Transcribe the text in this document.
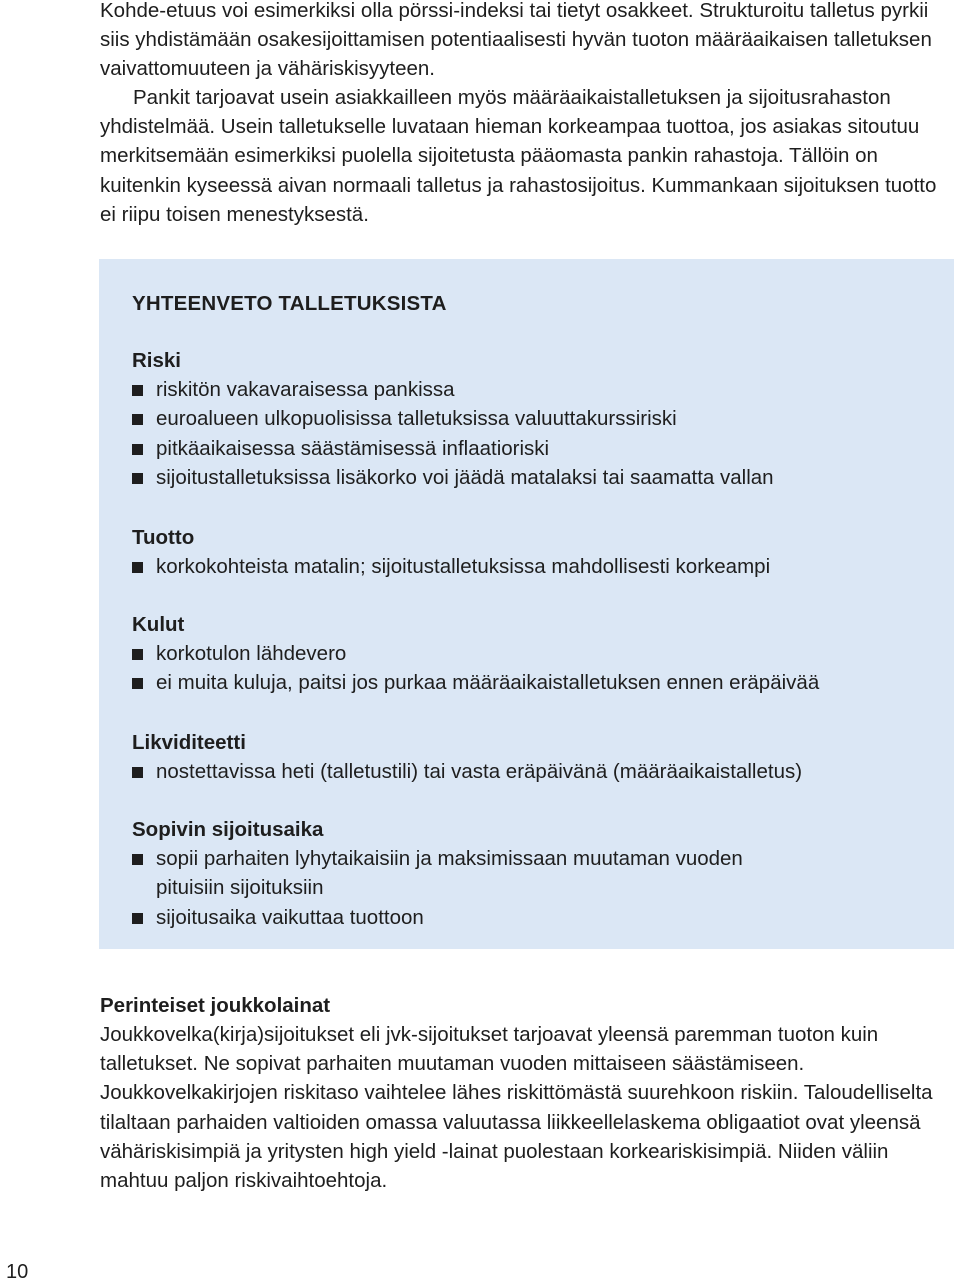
Kohde-etuus voi esimerkiksi olla pörssi-indeksi tai tietyt osakkeet. Strukturoitu talletus pyrkii siis yhdistämään osakesijoittamisen potentiaalisesti hyvän tuoton määräaikaisen talletuksen vaivattomuuteen ja vähäriskisyyteen.

Pankit tarjoavat usein asiakkailleen myös määräaikaistalletuksen ja sijoitusrahaston yhdistelmää. Usein talletukselle luvataan hieman korkeampaa tuottoa, jos asiakas sitoutuu merkitsemään esimerkiksi puolella sijoitetusta pääomasta pankin rahastoja. Tällöin on kuitenkin kyseessä aivan normaali talletus ja rahastosijoitus. Kummankaan sijoituksen tuotto ei riipu toisen menestyksestä.

YHTEENVETO TALLETUKSISTA
Riski

riskitön vakavaraisessa pankissa

euroalueen ulkopuolisissa talletuksissa valuuttakurssiriski

pitkäaikaisessa säästämisessä inflaatioriski

sijoitustalletuksissa lisäkorko voi jäädä matalaksi tai saamatta vallan

Tuotto

korkokohteista matalin; sijoitustalletuksissa mahdollisesti korkeampi

Kulut

korkotulon lähdevero

ei muita kuluja, paitsi jos purkaa määräaikaistalletuksen ennen eräpäivää

Likviditeetti

nostettavissa heti (talletustili) tai vasta eräpäivänä (määräaikaistalletus)

Sopivin sijoitusaika

sopii parhaiten lyhytaikaisiin ja maksimissaan muutaman vuoden pituisiin sijoituksiin

sijoitusaika vaikuttaa tuottoon

Perinteiset joukkolainat

Joukkovelka(kirja)sijoitukset eli jvk-sijoitukset tarjoavat yleensä paremman tuoton kuin talletukset. Ne sopivat parhaiten muutaman vuoden mittaiseen säästämiseen. Joukkovelkakirjojen riskitaso vaihtelee lähes riskittömästä suurehkoon riskiin. Taloudelliselta tilaltaan parhaiden valtioiden omassa valuutassa liikkeellelaskema obligaatiot ovat yleensä vähäriskisimpiä ja yritysten high yield -lainat puolestaan korkeariskisimpiä. Niiden väliin mahtuu paljon riskivaihtoehtoja.

10
